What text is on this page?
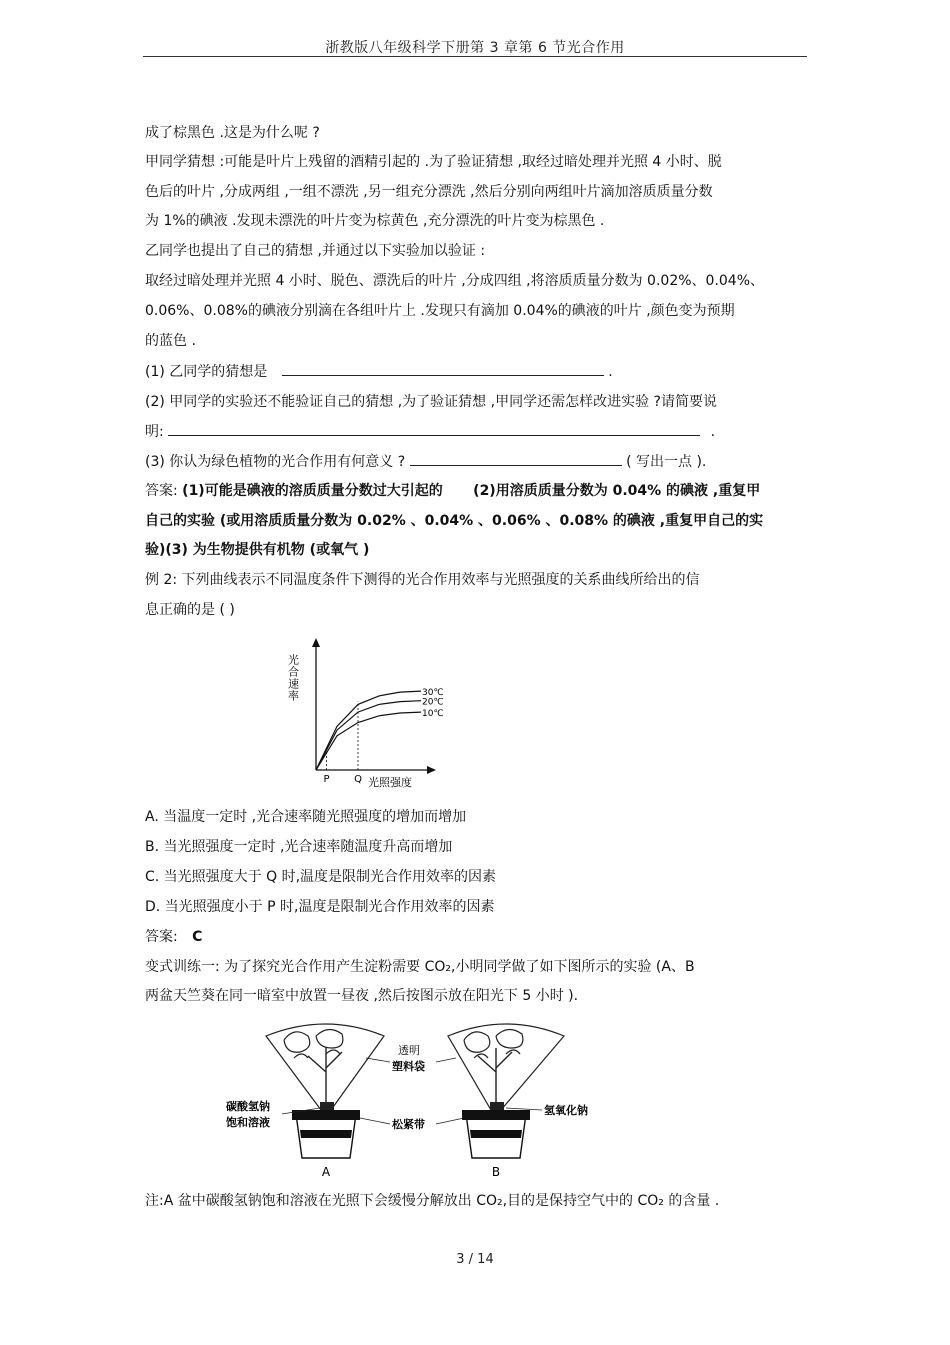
浙教版八年级科学下册第 3 章第 6 节光合作用
成了棕黑色 .这是为什么呢 ?
甲同学猜想 :可能是叶片上残留的酒精引起的 .为了验证猜想 ,取经过暗处理并光照 4 小时、脱
色后的叶片 ,分成两组 ,一组不漂洗 ,另一组充分漂洗 ,然后分别向两组叶片滴加溶质质量分数
为 1%的碘液 .发现未漂洗的叶片变为棕黄色 ,充分漂洗的叶片变为棕黑色 .
乙同学也提出了自己的猜想 ,并通过以下实验加以验证 :
取经过暗处理并光照 4 小时、脱色、漂洗后的叶片 ,分成四组 ,将溶质质量分数为 0.02%、0.04%、
0.06%、0.08%的碘液分别滴在各组叶片上 .发现只有滴加 0.04%的碘液的叶片 ,颜色变为预期
的蓝色 .
(1) 乙同学的猜想是	.
(2) 甲同学的实验还不能验证自己的猜想 ,为了验证猜想 ,甲同学还需怎样改进实验 ?请简要说
明:	.
(3) 你认为绿色植物的光合作用有何意义 ?	( 写出一点 ).
答案: (1)可能是碘液的溶质质量分数过大引起的 (2)用溶质质量分数为 0.04% 的碘液 ,重复甲
自己的实验 (或用溶质质量分数为 0.02% 、0.04% 、0.06% 、0.08% 的碘液 ,重复甲自己的实
验)(3) 为生物提供有机物 (或氧气 )
例 2: 下列曲线表示不同温度条件下测得的光合作用效率与光照强度的关系曲线所给出的信
息正确的是 ( )
光合速率
光照强度
30℃
20℃
10℃
P Q
A. 当温度一定时 ,光合速率随光照强度的增加而增加
B. 当光照强度一定时 ,光合速率随温度升高而增加
C. 当光照强度大于 Q 时,温度是限制光合作用效率的因素
D. 当光照强度小于 P 时,温度是限制光合作用效率的因素
答案: C
变式训练一: 为了探究光合作用产生淀粉需要 CO₂,小明同学做了如下图所示的实验 (A、B
两盆天竺葵在同一暗室中放置一昼夜 ,然后按图示放在阳光下 5 小时 ).
A	B
碳酸氢钠
饱和溶液
透明
塑料袋
氢氧化钠
松紧带
注:A 盆中碳酸氢钠饱和溶液在光照下会缓慢分解放出 CO₂,目的是保持空气中的 CO₂ 的含量 .
3 / 14
